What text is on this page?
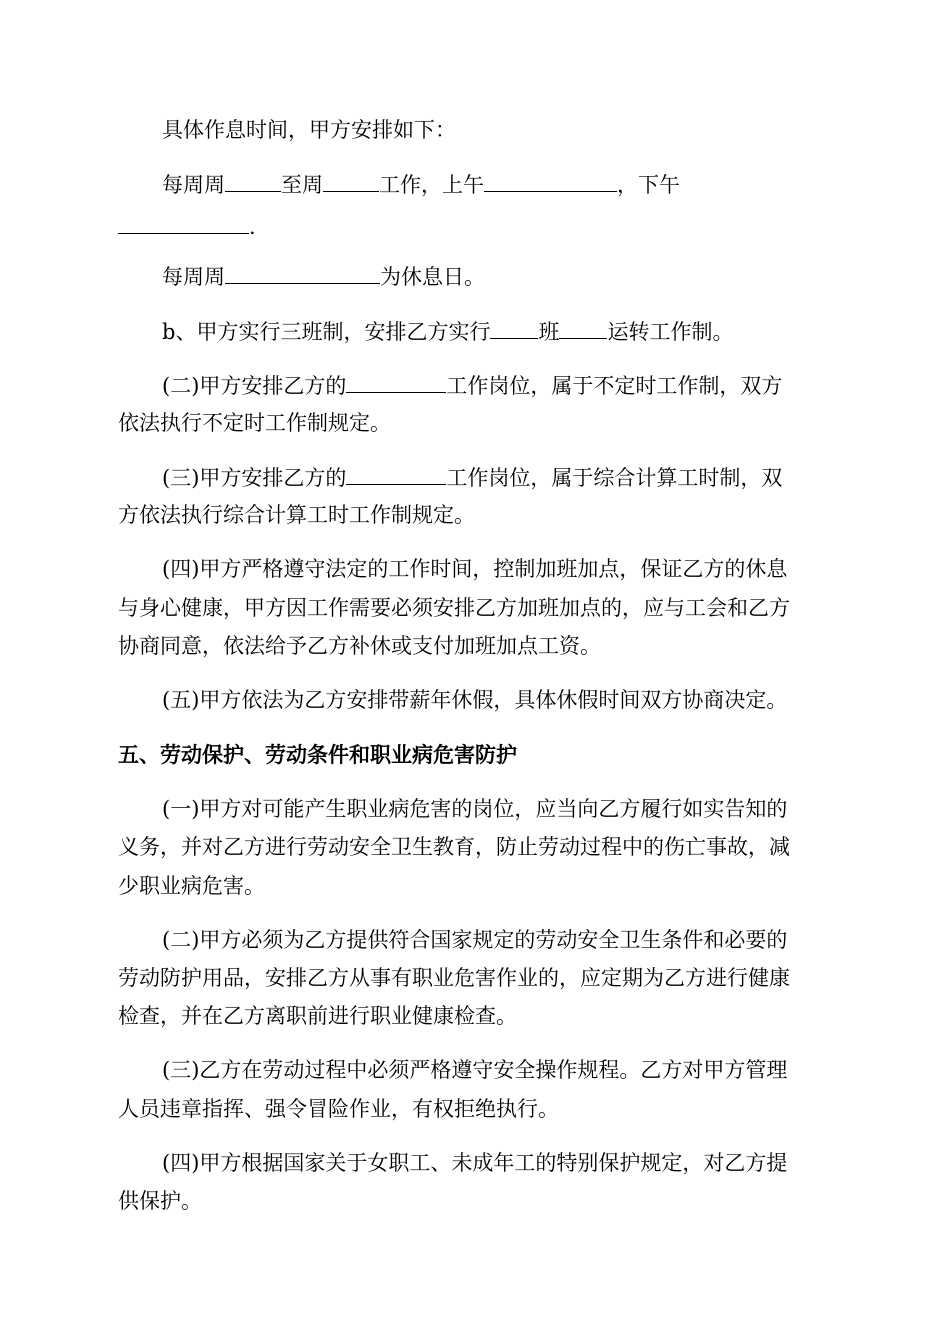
具体作息时间，甲方安排如下：
每周周	至周	工作，上午	，下午
.
每周周	为休息日。
b、甲方实行三班制，安排乙方实行 班 运转工作制。
(二)甲方安排乙方的	工作岗位，属于不定时工作制，双方
依法执行不定时工作制规定。
(三)甲方安排乙方的	工作岗位，属于综合计算工时制，双
方依法执行综合计算工时工作制规定。
(四)甲方严格遵守法定的工作时间，控制加班加点，保证乙方的休息
与身心健康，甲方因工作需要必须安排乙方加班加点的，应与工会和乙方
协商同意，依法给予乙方补休或支付加班加点工资。
(五)甲方依法为乙方安排带薪年休假，具体休假时间双方协商决定。
五、劳动保护、劳动条件和职业病危害防护
(一)甲方对可能产生职业病危害的岗位，应当向乙方履行如实告知的
义务，并对乙方进行劳动安全卫生教育，防止劳动过程中的伤亡事故，减
少职业病危害。
(二)甲方必须为乙方提供符合国家规定的劳动安全卫生条件和必要的
劳动防护用品，安排乙方从事有职业危害作业的，应定期为乙方进行健康
检查，并在乙方离职前进行职业健康检查。
(三)乙方在劳动过程中必须严格遵守安全操作规程。乙方对甲方管理
人员违章指挥、强令冒险作业，有权拒绝执行。
(四)甲方根据国家关于女职工、未成年工的特别保护规定，对乙方提
供保护。
